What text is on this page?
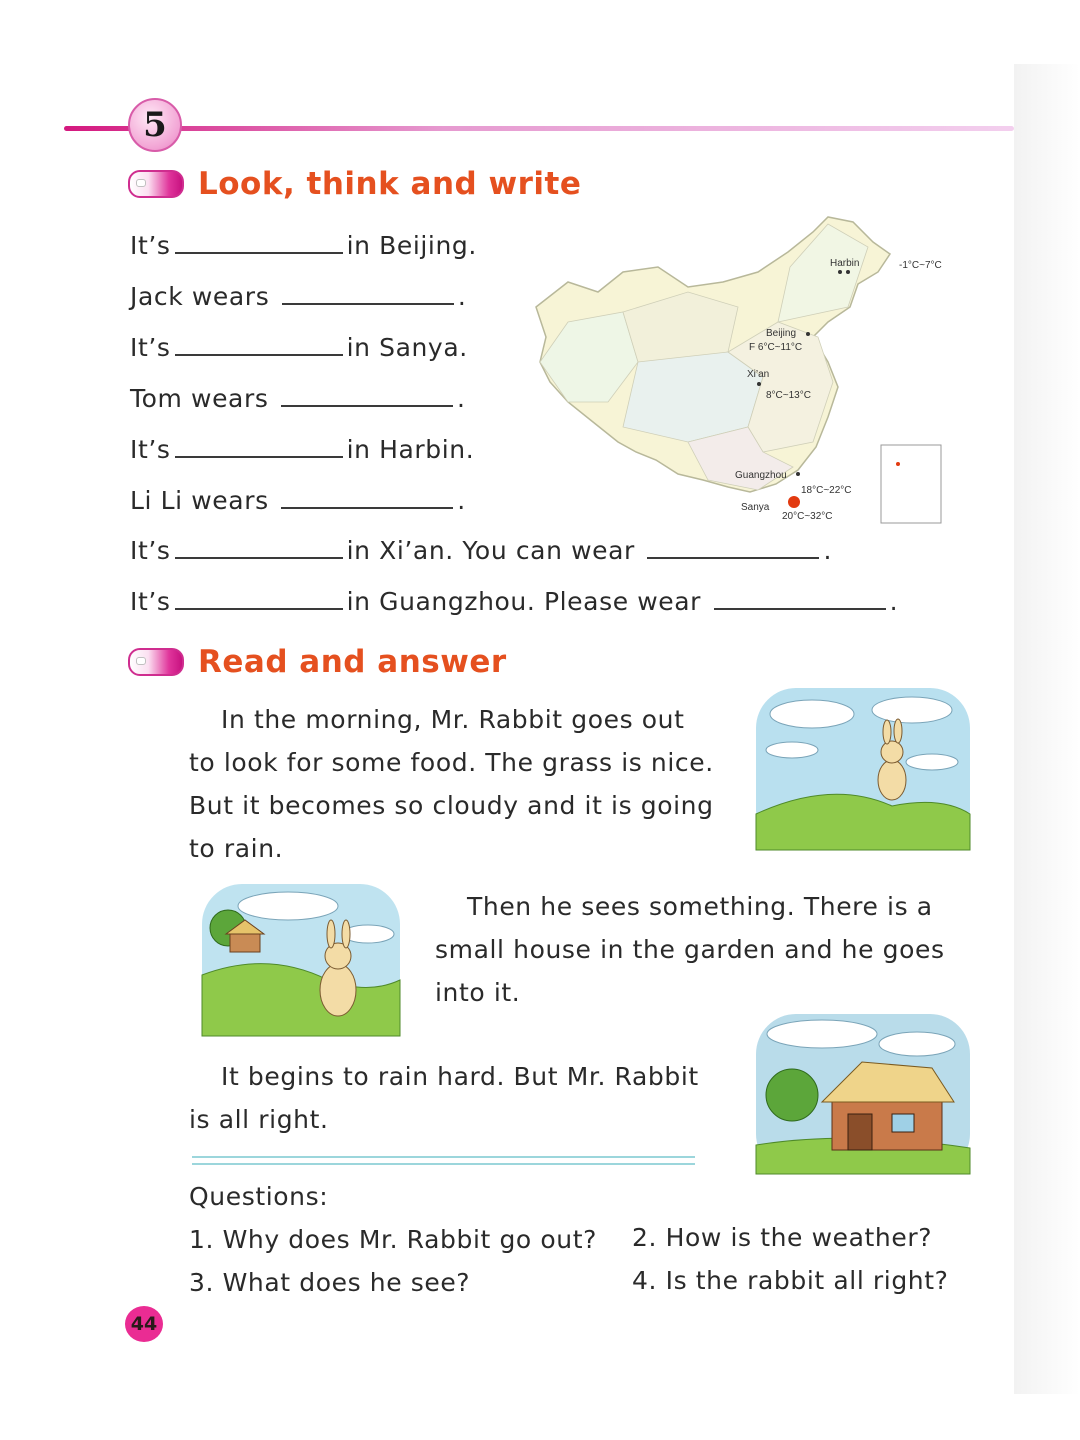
5
Look, think and write
It’s	in Beijing.
Jack wears	.
It’s	in Sanya.
Tom wears	.
It’s	in Harbin.
Li Li wears	.
It’s	in Xi’an. You can wear	.
It’s	in Guangzhou. Please wear	.
Harbin	-1°C~7°C
Beijing
F 6°C~11°C
Xi’an
8°C~13°C
Guangzhou
18°C~22°C
Sanya
20°C~32°C
Read and answer

In the morning, Mr. Rabbit goes out

to look for some food. The grass is nice.

But it becomes so cloudy and it is going

to rain.

Then he sees something. There is a

small house in the garden and he goes

into it.

It begins to rain hard. But Mr. Rabbit

is all right.

Questions:
1. Why does Mr. Rabbit go out? 2. How is the weather?
3. What does he see?	4. Is the rabbit all right?
44
